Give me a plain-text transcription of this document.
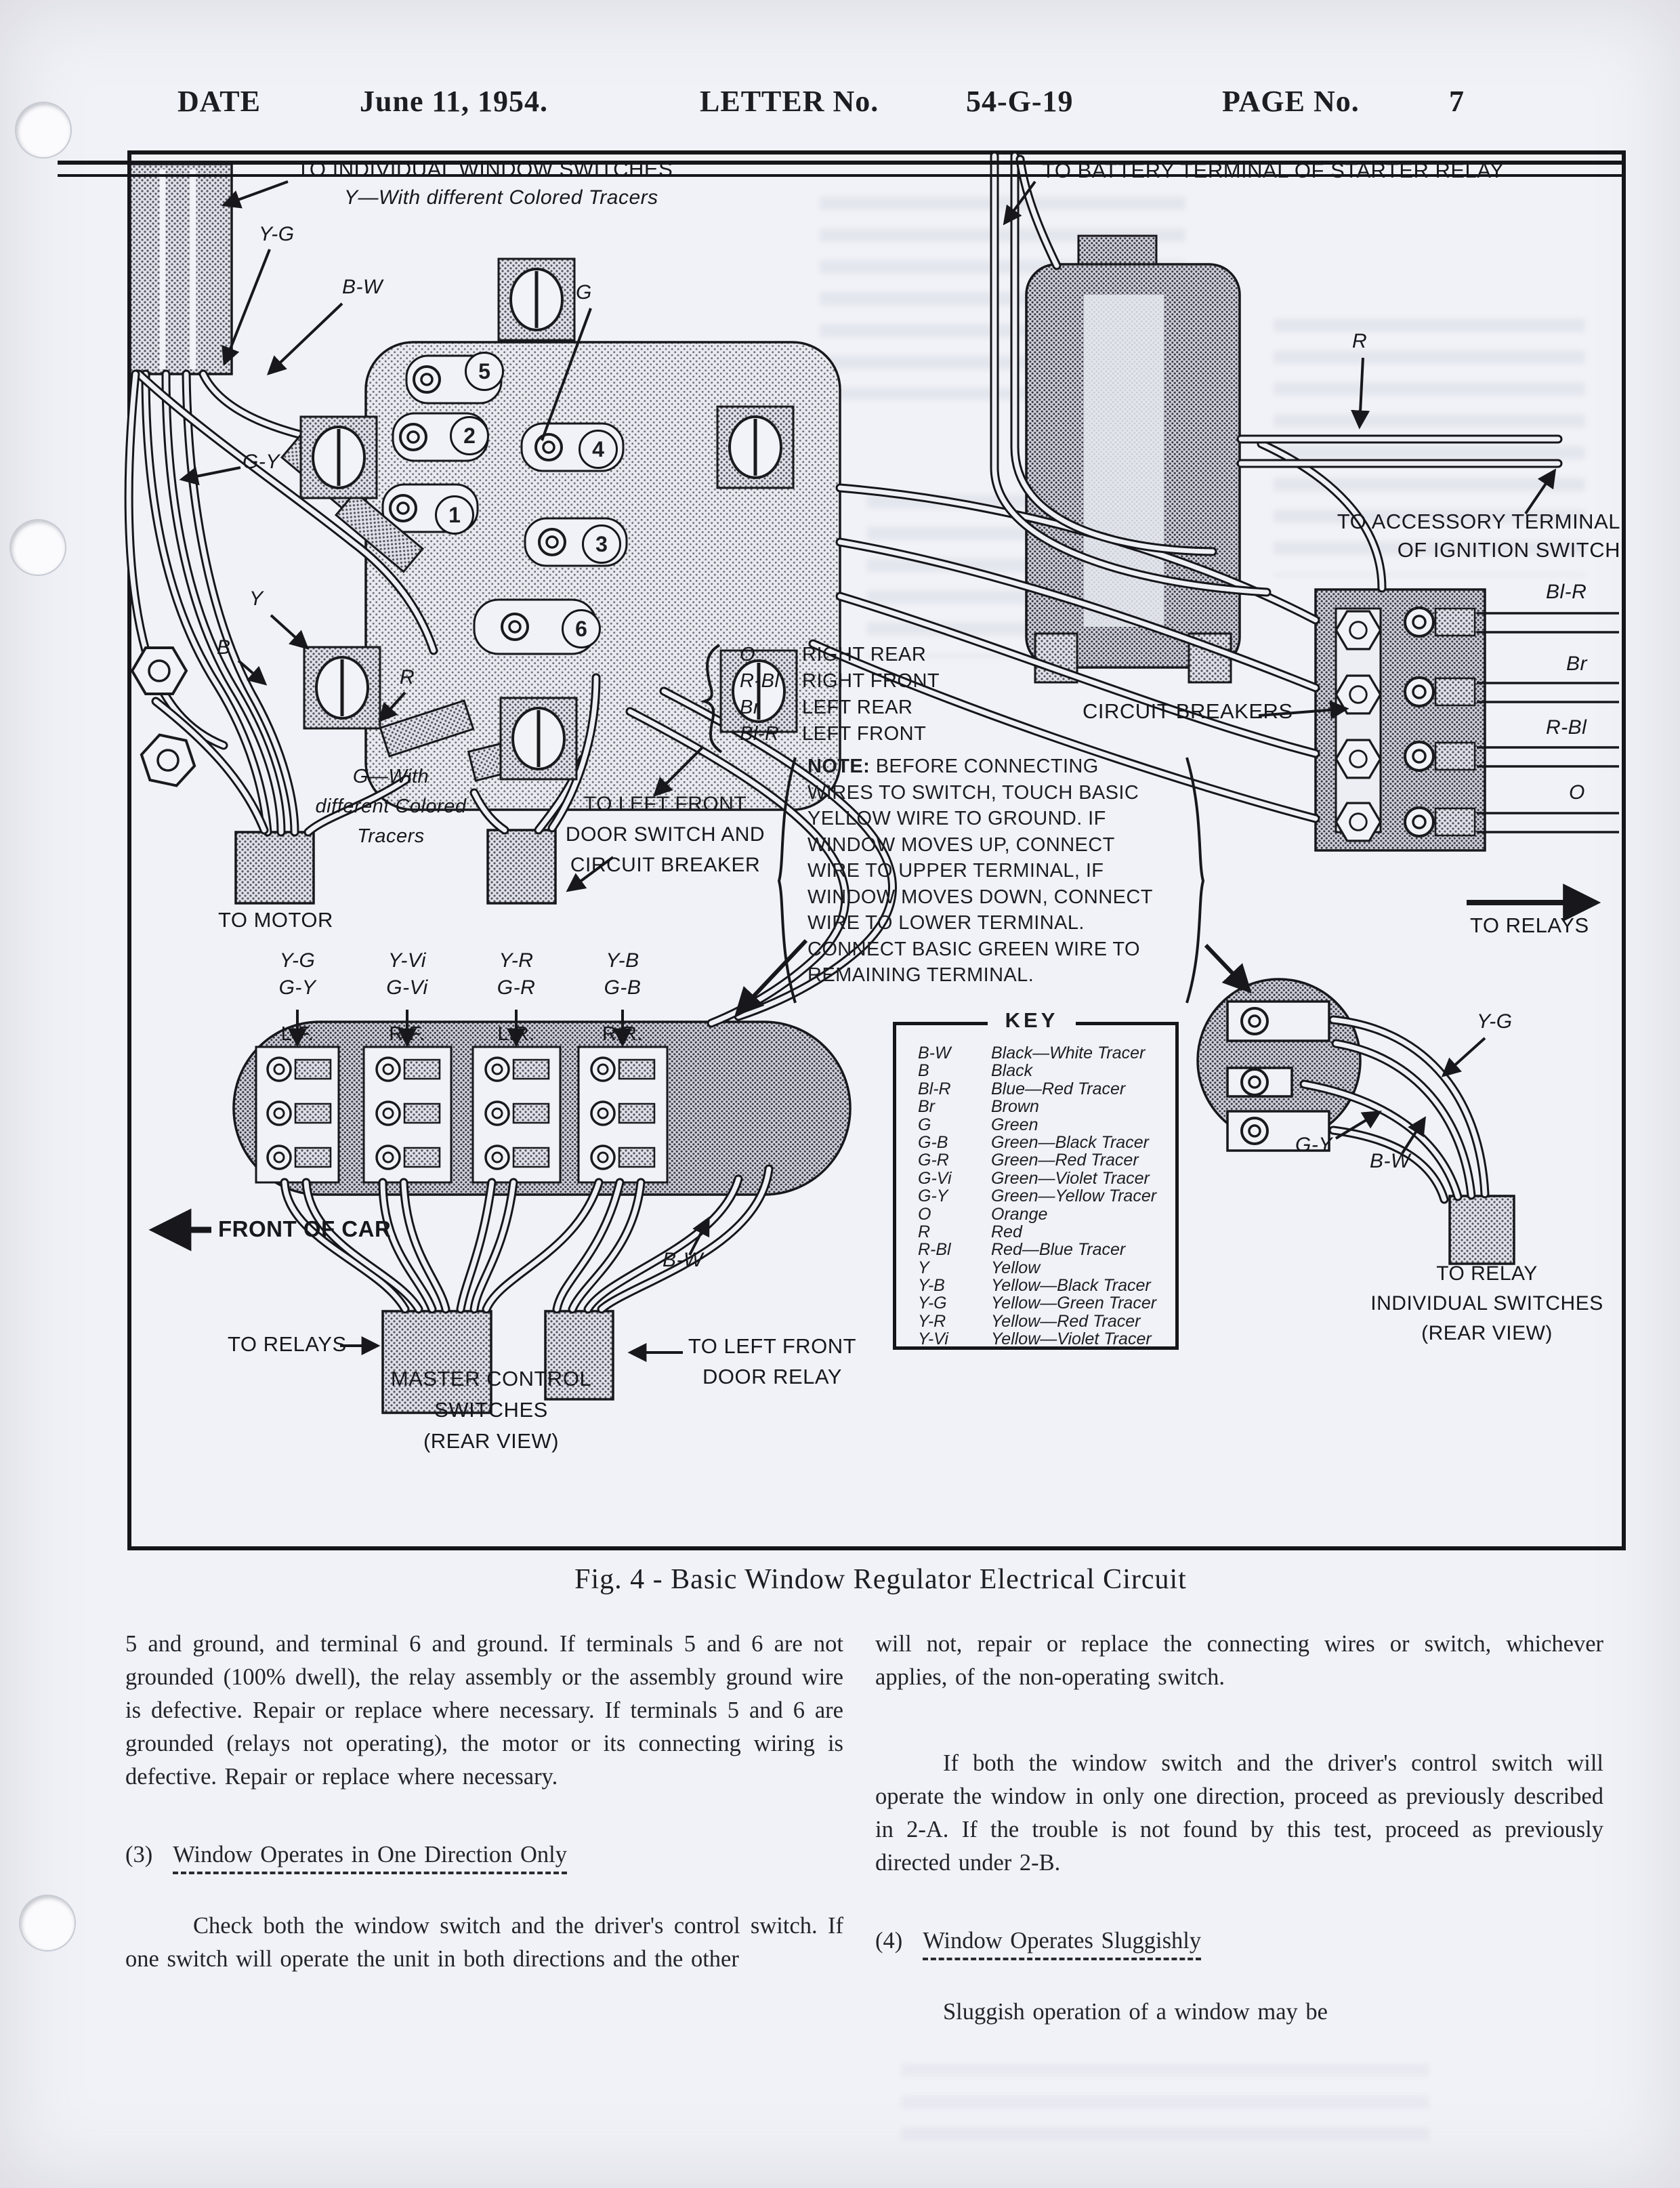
DATE	June 11, 1954.	LETTER No.	54-G-19	PAGE No.	7
TO INDIVIDUAL WINDOW SWITCHES
Y—With different Colored Tracers
Y-G
B-W
G-Y
Y
B
R
G
TO BATTERY TERMINAL OF STARTER RELAY
R
TO ACCESSORY TERMINAL
OF IGNITION SWITCH
CIRCUIT BREAKERS
Bl-R
Br
R-Bl
O
TO RELAYS
O RIGHT REAR
R-Bl RIGHT FRONT
Br LEFT REAR
Bl-R LEFT FRONT
NOTE: BEFORE CONNECTING
WIRES TO SWITCH, TOUCH BASIC
YELLOW WIRE TO GROUND. IF
WINDOW MOVES UP, CONNECT
WIRE TO UPPER TERMINAL, IF
WINDOW MOVES DOWN, CONNECT
WIRE TO LOWER TERMINAL.
CONNECT BASIC GREEN WIRE TO
REMAINING TERMINAL.
G—With
different Colored
Tracers
TO MOTOR
TO LEFT FRONT
DOOR SWITCH AND
CIRCUIT BREAKER
Y-G
G-Y
Y-Vi
G-Vi
Y-R
G-R
Y-B
G-B
L.F.	R.F.	L.R.	R.R.
FRONT OF CAR
TO RELAYS
MASTER CONTROL SWITCHES
(REAR VIEW)
TO LEFT FRONT
DOOR RELAY
B-W
Y-G
G-Y
B-W
TO RELAY
INDIVIDUAL SWITCHES
(REAR VIEW)
1
2
3
4
5
6
B-W Black—White Tracer
B	Black
Bl-R Blue—Red Tracer
Br	Brown
G	Green
G-B	Green—Black Tracer
G-R Green—Red Tracer
G-Vi Green—Violet Tracer
G-Y	Green—Yellow Tracer
O	Orange
R	Red
R-Bl Red—Blue Tracer
Y	Yellow
Y-B	Yellow—Black Tracer
Y-G	Yellow—Green Tracer
Y-R	Yellow—Red Tracer
Y-Vi	Yellow—Violet Tracer
KEY
Fig. 4 - Basic Window Regulator Electrical Circuit

5 and ground, and terminal 6 and ground. If terminals 5 and 6 are not grounded (100% dwell), the relay assembly or the assembly ground wire is defective. Repair or replace where necessary. If terminals 5 and 6 are grounded (relays not operating), the motor or its connecting wiring is defective. Repair or replace where necessary.

(3) Window Operates in One Direction Only

Check both the window switch and the driver's control switch. If one switch will operate the unit in both directions and the other

will not, repair or replace the connecting wires or switch, whichever applies, of the non-operating switch.

If both the window switch and the driver's control switch will operate the window in only one direction, proceed as previously described in 2-A. If the trouble is not found by this test, proceed as previously directed under 2-B.

(4) Window Operates Sluggishly

Sluggish operation of a window may be
